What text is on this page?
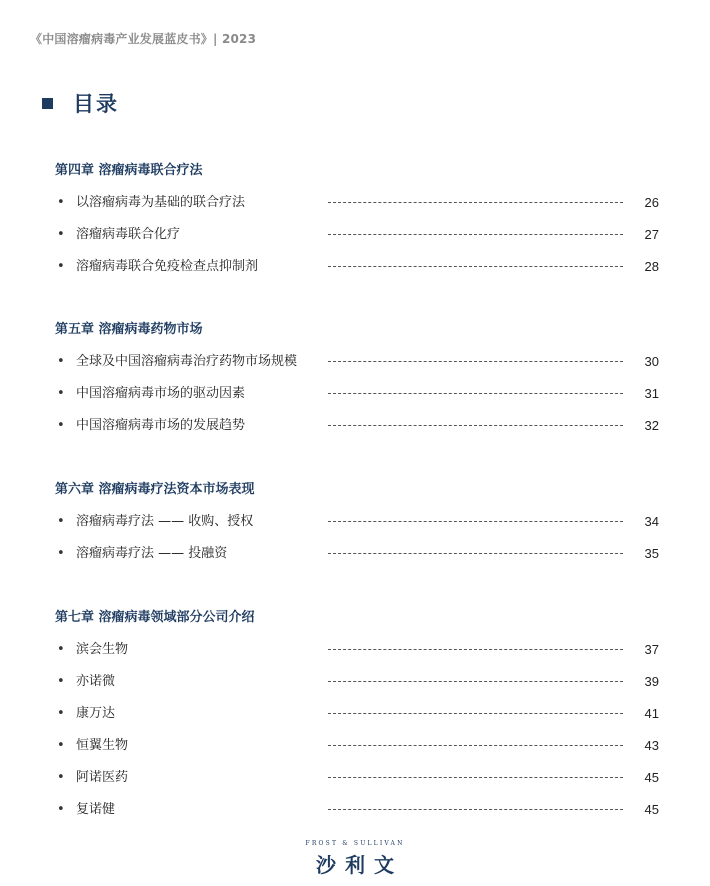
《中国溶瘤病毒产业发展蓝皮书》| 2023
目录
第四章 溶瘤病毒联合疗法
• 以溶瘤病毒为基础的联合疗法	26
• 溶瘤病毒联合化疗	27
• 溶瘤病毒联合免疫检查点抑制剂	28
第五章 溶瘤病毒药物市场
• 全球及中国溶瘤病毒治疗药物市场规模	30
• 中国溶瘤病毒市场的驱动因素	31
• 中国溶瘤病毒市场的发展趋势	32
第六章 溶瘤病毒疗法资本市场表现
• 溶瘤病毒疗法 —— 收购、授权	34
• 溶瘤病毒疗法 —— 投融资	35
第七章 溶瘤病毒领域部分公司介绍
• 滨会生物	37
• 亦诺微	39
• 康万达	41
• 恒翼生物	43
• 阿诺医药	45
• 复诺健	45
FROST & SULLIVAN
沙利文
